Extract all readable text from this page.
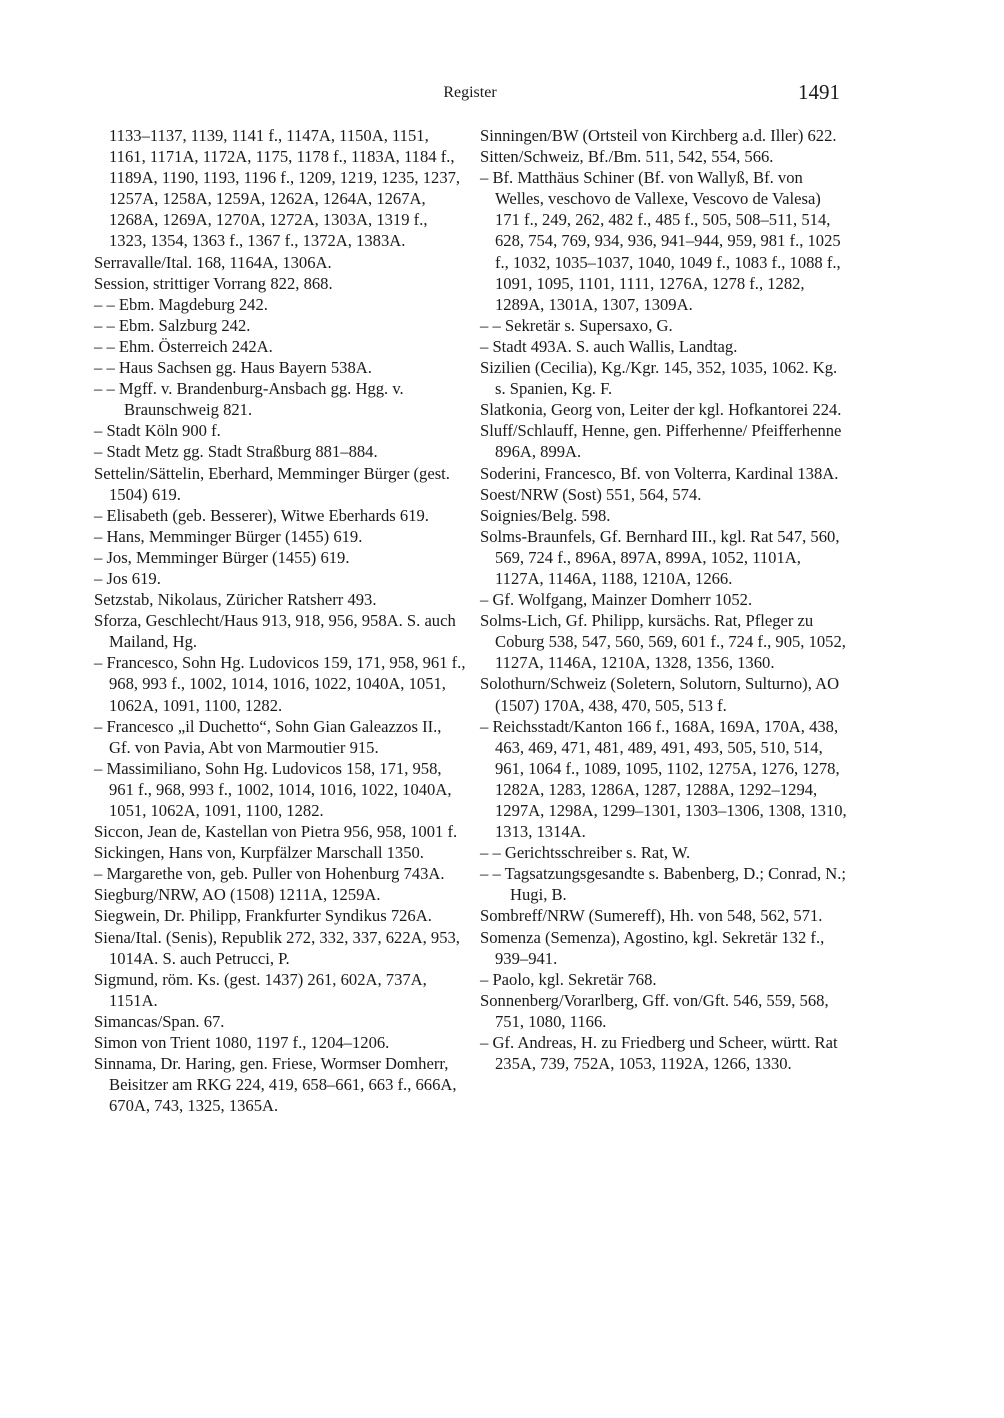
Register	1491
1133–1137, 1139, 1141 f., 1147A, 1150A, 1151, 1161, 1171A, 1172A, 1175, 1178 f., 1183A, 1184 f., 1189A, 1190, 1193, 1196 f., 1209, 1219, 1235, 1237, 1257A, 1258A, 1259A, 1262A, 1264A, 1267A, 1268A, 1269A, 1270A, 1272A, 1303A, 1319 f., 1323, 1354, 1363 f., 1367 f., 1372A, 1383A.
Serravalle/Ital. 168, 1164A, 1306A.
Session, strittiger Vorrang 822, 868.
– – Ebm. Magdeburg 242.
– – Ebm. Salzburg 242.
– – Ehm. Österreich 242A.
– – Haus Sachsen gg. Haus Bayern 538A.
– – Mgff. v. Brandenburg-Ansbach gg. Hgg. v. Braunschweig 821.
– Stadt Köln 900 f.
– Stadt Metz gg. Stadt Straßburg 881–884.
Settelin/Sättelin, Eberhard, Memminger Bürger (gest. 1504) 619.
– Elisabeth (geb. Besserer), Witwe Eberhards 619.
– Hans, Memminger Bürger (1455) 619.
– Jos, Memminger Bürger (1455) 619.
– Jos 619.
Setzstab, Nikolaus, Züricher Ratsherr 493.
Sforza, Geschlecht/Haus 913, 918, 956, 958A. S. auch Mailand, Hg.
– Francesco, Sohn Hg. Ludovicos 159, 171, 958, 961 f., 968, 993 f., 1002, 1014, 1016, 1022, 1040A, 1051, 1062A, 1091, 1100, 1282.
– Francesco „il Duchetto“, Sohn Gian Galeazzos II., Gf. von Pavia, Abt von Marmoutier 915.
– Massimiliano, Sohn Hg. Ludovicos 158, 171, 958, 961 f., 968, 993 f., 1002, 1014, 1016, 1022, 1040A, 1051, 1062A, 1091, 1100, 1282.
Siccon, Jean de, Kastellan von Pietra 956, 958, 1001 f.
Sickingen, Hans von, Kurpfälzer Marschall 1350.
– Margarethe von, geb. Puller von Hohenburg 743A.
Siegburg/NRW, AO (1508) 1211A, 1259A.
Siegwein, Dr. Philipp, Frankfurter Syndikus 726A.
Siena/Ital. (Senis), Republik 272, 332, 337, 622A, 953, 1014A. S. auch Petrucci, P.
Sigmund, röm. Ks. (gest. 1437) 261, 602A, 737A, 1151A.
Simancas/Span. 67.
Simon von Trient 1080, 1197 f., 1204–1206.
Sinnama, Dr. Haring, gen. Friese, Wormser Domherr, Beisitzer am RKG 224, 419, 658–661, 663 f., 666A, 670A, 743, 1325, 1365A.
Sinningen/BW (Ortsteil von Kirchberg a.d. Iller) 622.
Sitten/Schweiz, Bf./Bm. 511, 542, 554, 566.
– Bf. Matthäus Schiner (Bf. von Wallyß, Bf. von Welles, veschovo de Vallexe, Vescovo de Valesa) 171 f., 249, 262, 482 f., 485 f., 505, 508–511, 514, 628, 754, 769, 934, 936, 941–944, 959, 981 f., 1025 f., 1032, 1035–1037, 1040, 1049 f., 1083 f., 1088 f., 1091, 1095, 1101, 1111, 1276A, 1278 f., 1282, 1289A, 1301A, 1307, 1309A.
– – Sekretär s. Supersaxo, G.
– Stadt 493A. S. auch Wallis, Landtag.
Sizilien (Cecilia), Kg./Kgr. 145, 352, 1035, 1062. Kg. s. Spanien, Kg. F.
Slatkonia, Georg von, Leiter der kgl. Hofkantorei 224.
Sluff/Schlauff, Henne, gen. Pifferhenne/ Pfeifferhenne 896A, 899A.
Soderini, Francesco, Bf. von Volterra, Kardinal 138A.
Soest/NRW (Sost) 551, 564, 574.
Soignies/Belg. 598.
Solms-Braunfels, Gf. Bernhard III., kgl. Rat 547, 560, 569, 724 f., 896A, 897A, 899A, 1052, 1101A, 1127A, 1146A, 1188, 1210A, 1266.
– Gf. Wolfgang, Mainzer Domherr 1052.
Solms-Lich, Gf. Philipp, kursächs. Rat, Pfleger zu Coburg 538, 547, 560, 569, 601 f., 724 f., 905, 1052, 1127A, 1146A, 1210A, 1328, 1356, 1360.
Solothurn/Schweiz (Soletern, Solutorn, Sulturno), AO (1507) 170A, 438, 470, 505, 513 f.
– Reichsstadt/Kanton 166 f., 168A, 169A, 170A, 438, 463, 469, 471, 481, 489, 491, 493, 505, 510, 514, 961, 1064 f., 1089, 1095, 1102, 1275A, 1276, 1278, 1282A, 1283, 1286A, 1287, 1288A, 1292–1294, 1297A, 1298A, 1299–1301, 1303–1306, 1308, 1310, 1313, 1314A.
– – Gerichtsschreiber s. Rat, W.
– – Tagsatzungsgesandte s. Babenberg, D.; Conrad, N.; Hugi, B.
Sombreff/NRW (Sumereff), Hh. von 548, 562, 571.
Somenza (Semenza), Agostino, kgl. Sekretär 132 f., 939–941.
– Paolo, kgl. Sekretär 768.
Sonnenberg/Vorarlberg, Gff. von/Gft. 546, 559, 568, 751, 1080, 1166.
– Gf. Andreas, H. zu Friedberg und Scheer, württ. Rat 235A, 739, 752A, 1053, 1192A, 1266, 1330.
